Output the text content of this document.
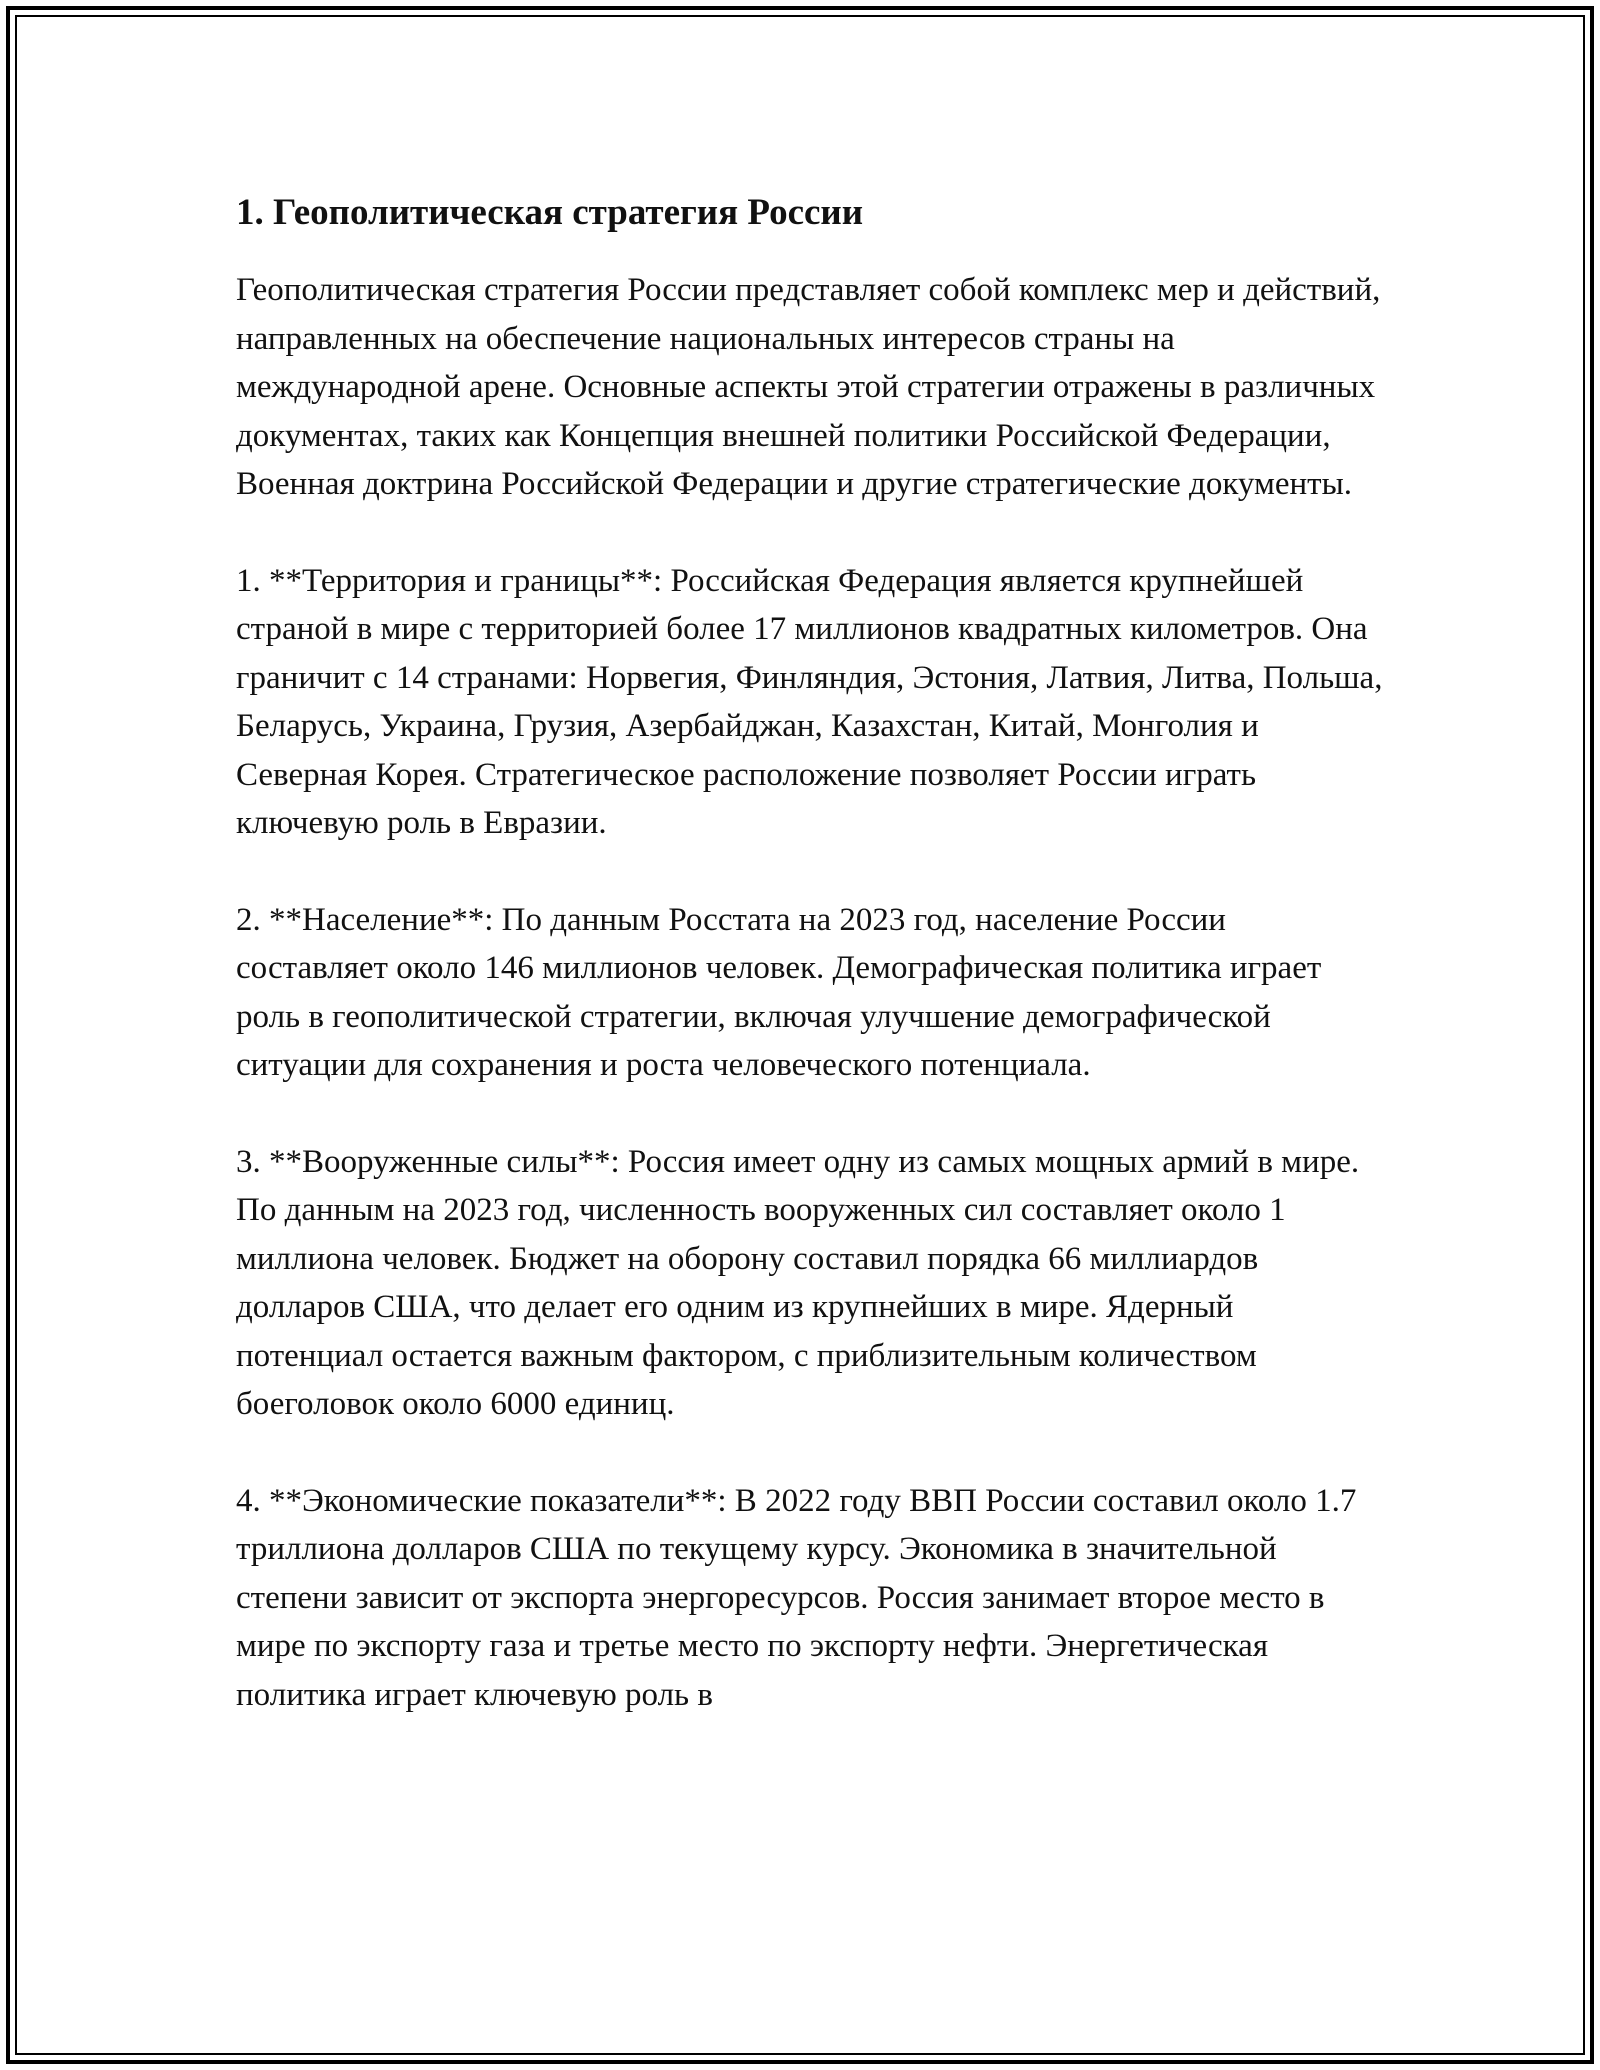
1. Геополитическая стратегия России

Геополитическая стратегия России представляет собой комплекс мер и действий, направленных на обеспечение национальных интересов страны на международной арене. Основные аспекты этой стратегии отражены в различных документах, таких как Концепция внешней политики Российской Федерации, Военная доктрина Российской Федерации и другие стратегические документы.

1. **Территория и границы**: Российская Федерация является крупнейшей страной в мире с территорией более 17 миллионов квадратных километров. Она граничит с 14 странами: Норвегия, Финляндия, Эстония, Латвия, Литва, Польша, Беларусь, Украина, Грузия, Азербайджан, Казахстан, Китай, Монголия и Северная Корея. Стратегическое расположение позволяет России играть ключевую роль в Евразии.

2. **Население**: По данным Росстата на 2023 год, население России составляет около 146 миллионов человек. Демографическая политика играет роль в геополитической стратегии, включая улучшение демографической ситуации для сохранения и роста человеческого потенциала.

3. **Вооруженные силы**: Россия имеет одну из самых мощных армий в мире. По данным на 2023 год, численность вооруженных сил составляет около 1 миллиона человек. Бюджет на оборону составил порядка 66 миллиардов долларов США, что делает его одним из крупнейших в мире. Ядерный потенциал остается важным фактором, с приблизительным количеством боеголовок около 6000 единиц.

4. **Экономические показатели**: В 2022 году ВВП России составил около 1.7 триллиона долларов США по текущему курсу. Экономика в значительной степени зависит от экспорта энергоресурсов. Россия занимает второе место в мире по экспорту газа и третье место по экспорту нефти. Энергетическая политика играет ключевую роль в
